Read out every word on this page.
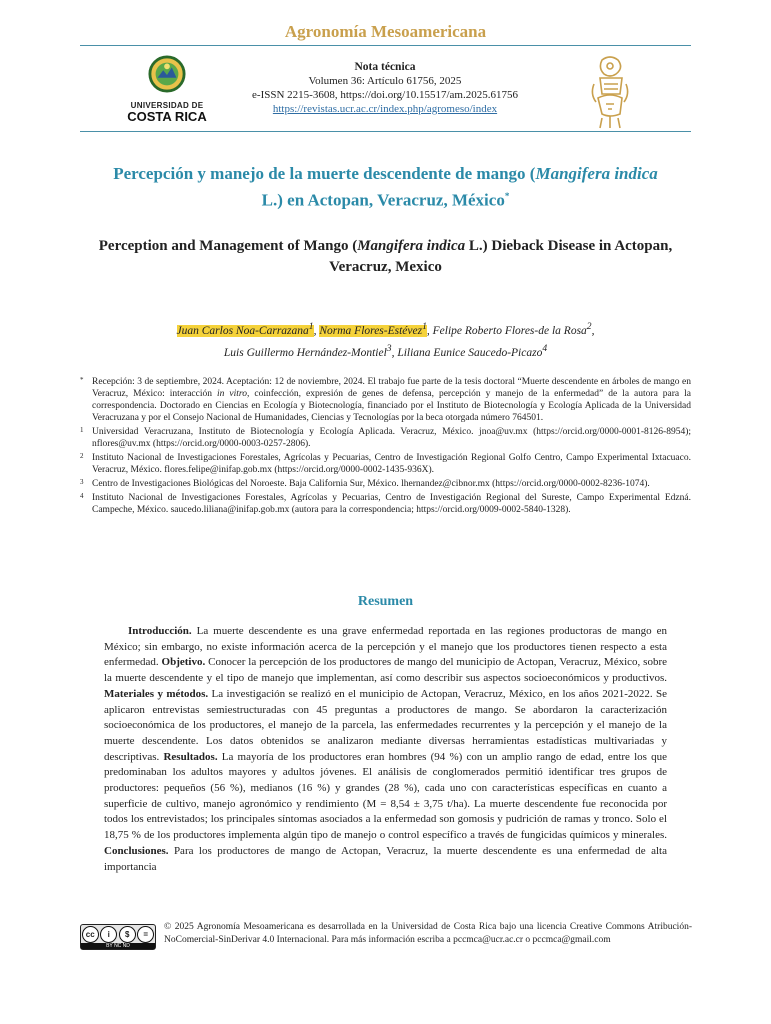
Agronomía Mesoamericana
UNIVERSIDAD DE
COSTA RICA
Nota técnica
Volumen 36: Artículo 61756, 2025
e-ISSN 2215-3608, https://doi.org/10.15517/am.2025.61756
https://revistas.ucr.ac.cr/index.php/agromeso/index
Percepción y manejo de la muerte descendente de mango (Mangifera indica L.) en Actopan, Veracruz, México*
Perception and Management of Mango (Mangifera indica L.) Dieback Disease in Actopan, Veracruz, Mexico
Juan Carlos Noa-Carrazana$^1$, Norma Flores-Estévez$^1$, Felipe Roberto Flores-de la Rosa$^2$,
Luis Guillermo Hernández-Montiel$^3$, Liliana Eunice Saucedo-Picazo$^4$
* Recepción: 3 de septiembre, 2024. Aceptación: 12 de noviembre, 2024. El trabajo fue parte de la tesis doctoral “Muerte descendente en árboles de mango en Veracruz, México: interacción in vitro, coinfección, expresión de genes de defensa, percepción y manejo de la enfermedad” de la autora para la correspondencia. Doctorado en Ciencias en Ecología y Biotecnología, financiado por el Instituto de Biotecnología y Ecología Aplicada de la Universidad Veracruzana y por el Consejo Nacional de Humanidades, Ciencias y Tecnologías por la beca otorgada número 764501.
1 Universidad Veracruzana, Instituto de Biotecnología y Ecología Aplicada. Veracruz, México. jnoa@uv.mx (https://orcid.org/0000-0001-8126-8954); nflores@uv.mx (https://orcid.org/0000-0003-0257-2806).
2 Instituto Nacional de Investigaciones Forestales, Agrícolas y Pecuarias, Centro de Investigación Regional Golfo Centro, Campo Experimental Ixtacuaco. Veracruz, México. flores.felipe@inifap.gob.mx (https://orcid.org/0000-0002-1435-936X).
3 Centro de Investigaciones Biológicas del Noroeste. Baja California Sur, México. lhernandez@cibnor.mx (https://orcid.org/0000-0002-8236-1074).
4 Instituto Nacional de Investigaciones Forestales, Agrícolas y Pecuarias, Centro de Investigación Regional del Sureste, Campo Experimental Edzná. Campeche, México. saucedo.liliana@inifap.gob.mx (autora para la correspondencia; https://orcid.org/0009-0002-5840-1328).
Resumen
Introducción. La muerte descendente es una grave enfermedad reportada en las regiones productoras de mango en México; sin embargo, no existe información acerca de la percepción y el manejo que los productores tienen respecto a esta enfermedad. Objetivo. Conocer la percepción de los productores de mango del municipio de Actopan, Veracruz, México, sobre la muerte descendente y el tipo de manejo que implementan, así como describir sus aspectos socioeconómicos y productivos. Materiales y métodos. La investigación se realizó en el municipio de Actopan, Veracruz, México, en los años 2021-2022. Se aplicaron entrevistas semiestructuradas con 45 preguntas a productores de mango. Se abordaron la caracterización socioeconómica de los productores, el manejo de la parcela, las enfermedades recurrentes y la percepción y el manejo de la muerte descendente. Los datos obtenidos se analizaron mediante diversas herramientas estadísticas multivariadas y descriptivas. Resultados. La mayoría de los productores eran hombres (94 %) con un amplio rango de edad, entre los que predominaban los adultos mayores y adultos jóvenes. El análisis de conglomerados permitió identificar tres grupos de productores: pequeños (56 %), medianos (16 %) y grandes (28 %), cada uno con características específicas en cuanto a superficie de cultivo, manejo agronómico y rendimiento (M = 8,54 ± 3,75 t/ha). La muerte descendente fue reconocida por todos los entrevistados; los principales síntomas asociados a la enfermedad son gomosis y pudrición de ramas y tronco. Solo el 18,75 % de los productores implementa algún tipo de manejo o control específico a través de fungicidas químicos y minerales. Conclusiones. Para los productores de mango de Actopan, Veracruz, la muerte descendente es una enfermedad de alta importancia
cc	i	$	=
BY NC ND
© 2025 Agronomía Mesoamericana es desarrollada en la Universidad de Costa Rica bajo una licencia Creative Commons Atribución-NoComercial-SinDerivar 4.0 Internacional. Para más información escriba a pccmca@ucr.ac.cr o pccmca@gmail.com
